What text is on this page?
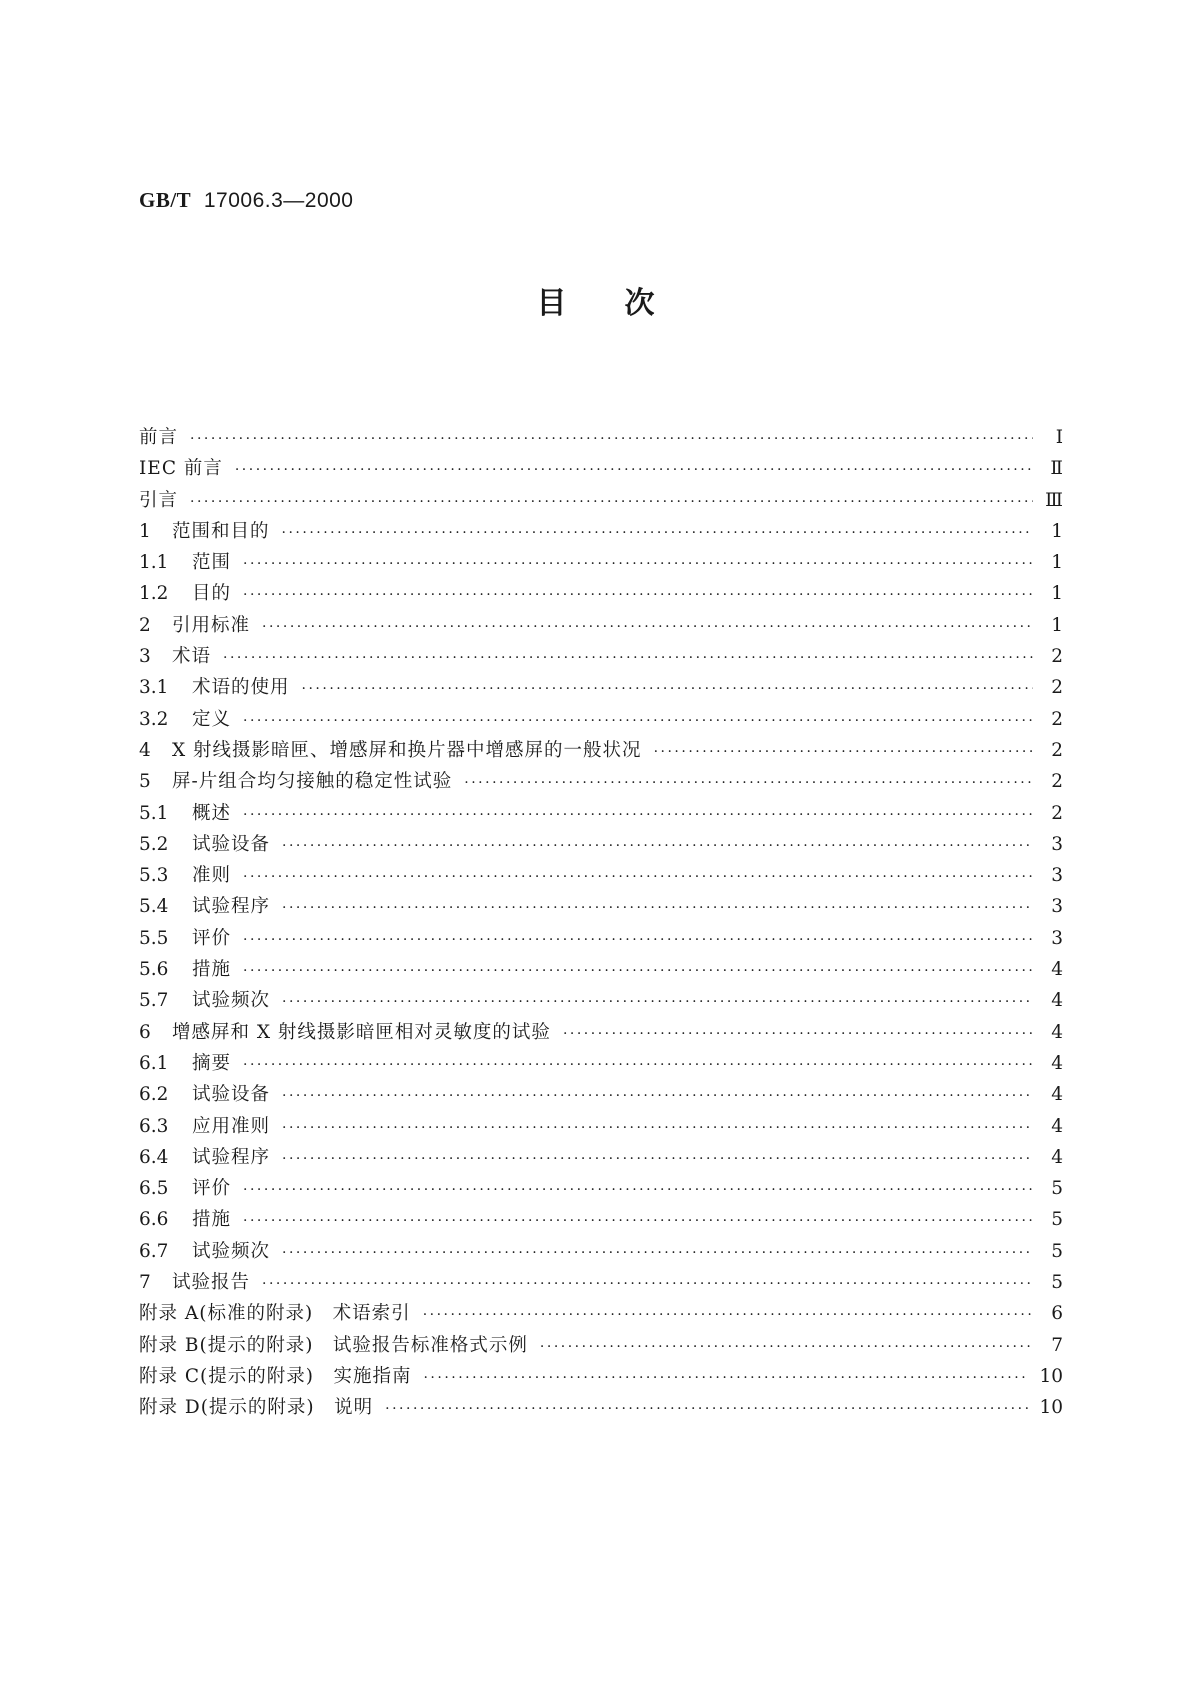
GB/T 17006.3—2000
目次
前言 ·····	Ⅰ
IEC 前言 ·····	Ⅱ
引言 ·····	Ⅲ
1	范围和目的 ·····	1
1.1	范围 ·····	1
1.2	目的 ·····	1
2	引用标准 ·····	1
3	术语 ·····	2
3.1	术语的使用 ·····	2
3.2	定义 ·····	2
4	X 射线摄影暗匣、增感屏和换片器中增感屏的一般状况 ·····	2
5	屏-片组合均匀接触的稳定性试验 ·····	2
5.1	概述 ·····	2
5.2	试验设备 ·····	3
5.3	准则 ·····	3
5.4	试验程序 ·····	3
5.5	评价 ·····	3
5.6	措施 ·····	4
5.7	试验频次 ·····	4
6	增感屏和 X 射线摄影暗匣相对灵敏度的试验 ·····	4
6.1	摘要 ·····	4
6.2	试验设备 ·····	4
6.3	应用准则 ·····	4
6.4	试验程序 ·····	4
6.5	评价 ·····	5
6.6	措施 ·····	5
6.7	试验频次 ·····	5
7	试验报告 ·····	5
附录 A(标准的附录)　术语索引 ·····	6
附录 B(提示的附录)　试验报告标准格式示例 ·····	7
附录 C(提示的附录)　实施指南 ·····	10
附录 D(提示的附录)　说明 ·····	10
